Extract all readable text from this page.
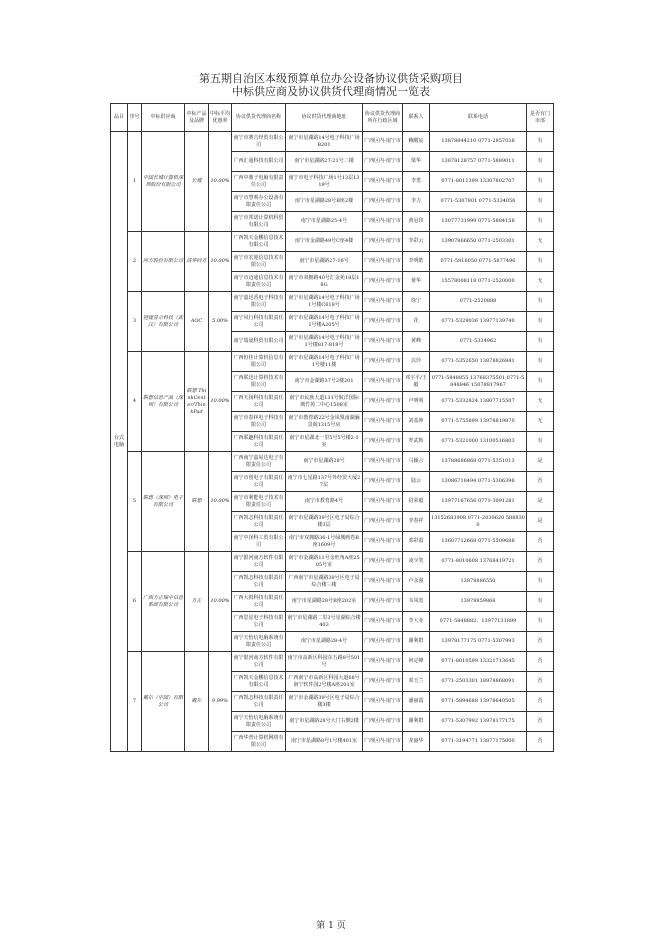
第五期自治区本级预算单位办公设备协议供货采购项目
中标供应商及协议供货代理商情况一览表
品目	序号	中标供应商	中标产品及品牌	中标平均优惠率	协议供货代理商名称	协议供货代理商地址	协议供货代理商所在行政区域	联系人	联系电话	是否有门市部
台式电脑	1	中国长城计算机深圳股份有限公司	长城	10.00%	南宁市赛吉经贸有限公司	南宁市星湖路14号电子科技广场B201	广西区内-南宁市	赖醒宸	13878844210 0771-2857038	有
					广西汇通科技有限公司	南宁市星湖路27-21号二楼	广西区内-南宁市	梁华	13878128757 0771-5889011	有
					广西中鼎子电脑有限责任公司	南宁市电子科技广场1号13层1319号	广西区内-南宁市	李勇	0771-8011399 13307802707	有
					南宁市慧观办公设备有限责任公司	南宁市星湖路28号B座2楼	广西区内-南宁市	李力	0771-5307801 0771-5334056	有
					南宁市邦诺计算机科贸有限公司	南宁市星湖路25-4号	广西区内-南宁市	黄冠印	13077731999 0771-5884158	有
	2	同方股份有限公司	清华同方	10.00%	广西凯天金鹏信息技术有限公司	南宁市金湖路49号C座4楼	广西区内-南宁市	李彩云	13907866650 0771-2503301	无
					南宁市宏迎信息技术有限公司	南宁市星湖路27-16号	广西区内-南宁市	李明皓	0771-5816050 0771-5877496	有
					南宁市迈通信息技术有限责任公司	南宁市双拥路40号汇金苑18层18G	广西区内-南宁市	黄华	15578008118 0771-2520000	无
	3	冠捷显示科技（武汉）有限公司	AOC	5.00%	南宁嘉迅香电子科技有限公司	南宁市星湖路14号电子科技广场1号楼C618号	广西区内-南宁市	徐宁	0771-2520888	有
					南宁风行科技有限责任公司	南宁市星湖路14号电子科技广场1号楼A205号	广西区内-南宁市	花	0771-5329036 13977139740	有
					南宁瑞晟科贸有限公司	南宁市星湖路14号电子科技广场1号楼817-818号	广西区内-南宁市	黄峰	0771-5334962	有
	4	联想信息产品（深圳）有限公司	联想 ThinkCenter/ThinkPad	10.00%	广西恒佳计算机信息有限公司	南宁市星湖路14号电子科技广场1号楼11楼	广西区内-南宁市	以玲	0771-5352650 13878826841	有
					广西联迅计算机技术有限公司	南宁市金湖路37号2楼201	广西区内-南宁市	邓宇平/王毅	0771-5848855 13768375501;0771-5848846 15078817967	有
					广西天扬科技有限责任公司	南宁市民族大道131号航洋国际城竹苑二中心1508室	广西区内-南宁市	卢明明	0771-5332824 13807715507	无
					南宁市春林电子科技有限公司	南宁市教育路22号金凤凰南湖骊景阁1315号房	广西区内-南宁市	刘基坤	0771-5755899 13978819870	无
					广西联趣科技有限责任公司	南宁市星湖北一里5号5号楼2-1室	广西区内-南宁市	罗武辉	0771-5321000 13100516803	有
	5	联想（深圳）电子有限公司	联想	10.00%	广西南宁嘉易达电子有限责任公司	南宁市星湖路28号	广西区内-南宁市	马颖言	13788686868 0771-5351013	是
					南宁市创电子有限责任公司	南宁市七星路137号外经贸大厦27层	广西区内-南宁市	陆云	13086718494 0771-5306396	否
					南宁市利能电子技术有限责任公司	南宁市教育路4号	广西区内-南宁市	招荣毅	13977167656 0771-3091281	是
					广西凯志科技有限责任公司	南宁市星湖路39号区电子局综合楼3层	广西区内-南宁市	李春祥	13152683908 0771-2030620 5888300	是
					南宁中泽科工贸有限公司	南宁市双拥路36-1号绿城画卷B座1609号	广西区内-南宁市	邓彩霞	13607712668 0771-5509688	否
	6	广西方正瑞中信息系统有限公司	方正	10.00%	南宁银河南方软件有限公司	南宁市金湖路11号金旺角A座2505号室	广西区内-南宁市	凌少笑	0771-8010608 13768419721	否
					广西凯志科技有限责任公司	广西南宁市星湖路39号区电子局综合楼三楼	广西区内-南宁市	卢永强	13878886550	有
					广西大拇科技有限责任公司	南宁市星湖路28号B座202室	广西区内-南宁市	韦凤宽	13978859868	有
					广西思星电子科技有限公司	南宁市星湖路二里3号星湖综合楼403	广西区内-南宁市	李大业	0771-5848882、13977131899	有
					南宁天怡信电脑系统有限责任公司	南宁市星湖路28-4号	广西区内-南宁市	谢利群	13978177175 0771-5307993	否
	7	戴尔（中国）有限公司	戴尔	9.99%	南宁银河南方软件有限公司	南宁市高新区科园东五路8号501号	广西区内-南宁市	何定峰	0771-8010599 13321713645	否
					广西凯天金鹏信息技术有限公司	广西南宁市高新区科园大道68号南宁软件园2号楼A座201室	广西区内-南宁市	邓玉兰	0771-2503301 18978868091	否
					广西凯志科技有限责任公司	南宁市金湖路39号区电子局综合楼3楼	广西区内-南宁市	潘丽霞	0771-5894688 13978640505	否
					南宁天怡信电脑系统有限责任公司	南宁市星湖路28号大门右侧2楼	广西区内-南宁市	谢利群	0771-5307992 13978177175	否
					广西华普计算机网络有限公司	南宁市星湖路8号1号楼401室	广西区内-南宁市	龙丽华	0771-3194771 13877175000	否
第 1 页
